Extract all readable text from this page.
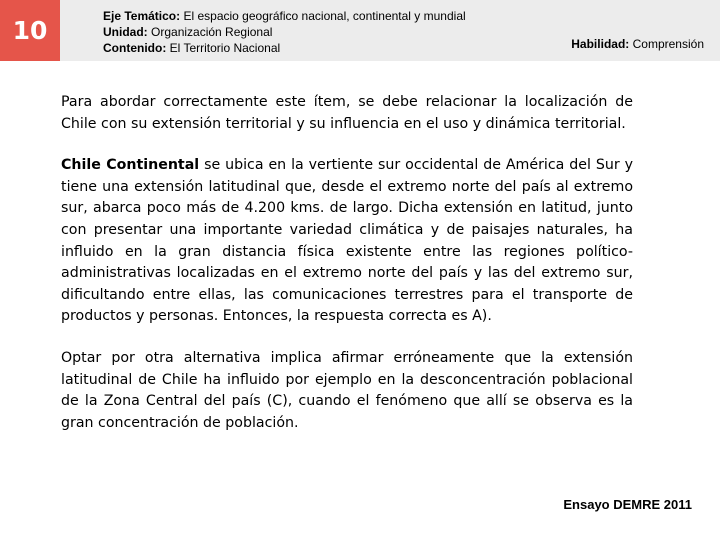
10	Eje Temático: El espacio geográfico nacional, continental y mundial
Unidad: Organización Regional
Contenido: El Territorio Nacional	Habilidad: Comprensión

Para abordar correctamente este ítem, se debe relacionar la localización de Chile con su extensión territorial y su influencia en el uso y dinámica territorial.

Chile Continental se ubica en la vertiente sur occidental de América del Sur y tiene una extensión latitudinal que, desde el extremo norte del país al extremo sur, abarca poco más de 4.200 kms. de largo. Dicha extensión en latitud, junto con presentar una importante variedad climática y de paisajes naturales, ha influido en la gran distancia física existente entre las regiones político-administrativas localizadas en el extremo norte del país y las del extremo sur, dificultando entre ellas, las comunicaciones terrestres para el transporte de productos y personas. Entonces, la respuesta correcta es A).

Optar por otra alternativa implica afirmar erróneamente que la extensión latitudinal de Chile ha influido por ejemplo en la desconcentración poblacional de la Zona Central del país (C), cuando el fenómeno que allí se observa es la gran concentración de población.

Ensayo DEMRE 2011
